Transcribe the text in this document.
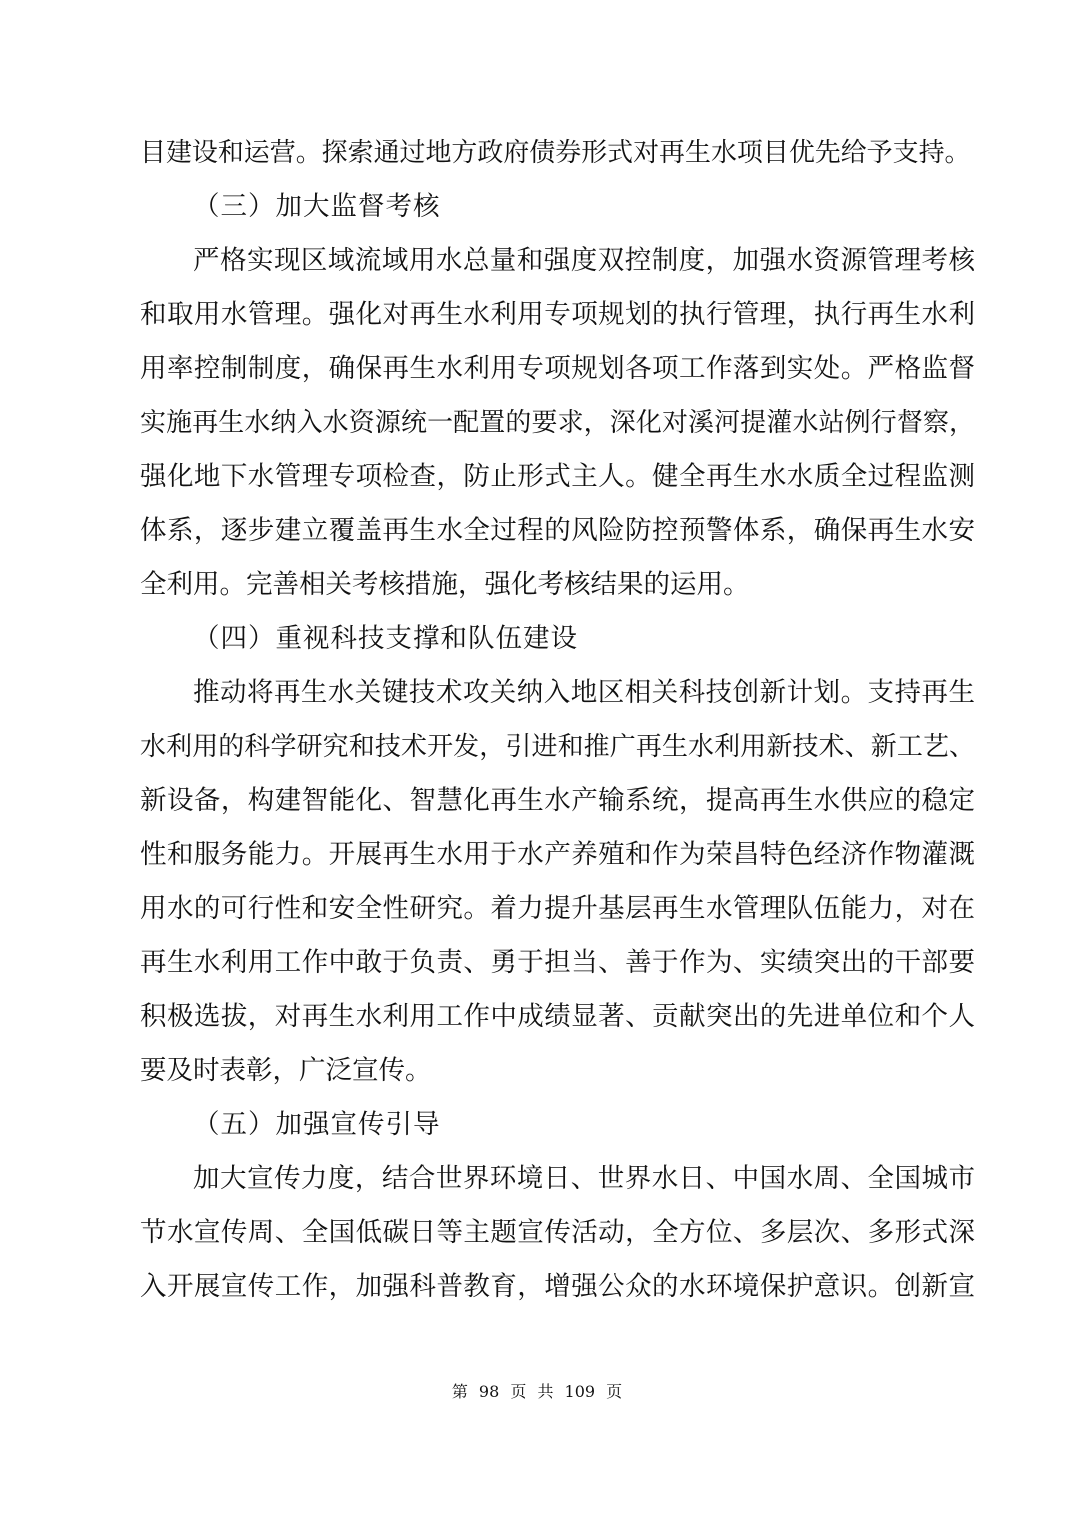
目建设和运营。探索通过地方政府债券形式对再生水项目优先给予支持。
（三）加大监督考核
严格实现区域流域用水总量和强度双控制度，加强水资源管理考核
和取用水管理。强化对再生水利用专项规划的执行管理，执行再生水利
用率控制制度，确保再生水利用专项规划各项工作落到实处。严格监督
实施再生水纳入水资源统一配置的要求，深化对溪河提灌水站例行督察，
强化地下水管理专项检查，防止形式主人。健全再生水水质全过程监测
体系，逐步建立覆盖再生水全过程的风险防控预警体系，确保再生水安
全利用。完善相关考核措施，强化考核结果的运用。
（四）重视科技支撑和队伍建设
推动将再生水关键技术攻关纳入地区相关科技创新计划。支持再生
水利用的科学研究和技术开发，引进和推广再生水利用新技术、新工艺、
新设备，构建智能化、智慧化再生水产输系统，提高再生水供应的稳定
性和服务能力。开展再生水用于水产养殖和作为荣昌特色经济作物灌溉
用水的可行性和安全性研究。着力提升基层再生水管理队伍能力，对在
再生水利用工作中敢于负责、勇于担当、善于作为、实绩突出的干部要
积极选拔，对再生水利用工作中成绩显著、贡献突出的先进单位和个人
要及时表彰，广泛宣传。
（五）加强宣传引导
加大宣传力度，结合世界环境日、世界水日、中国水周、全国城市
节水宣传周、全国低碳日等主题宣传活动，全方位、多层次、多形式深
入开展宣传工作，加强科普教育，增强公众的水环境保护意识。创新宣
第 98 页 共 109 页
